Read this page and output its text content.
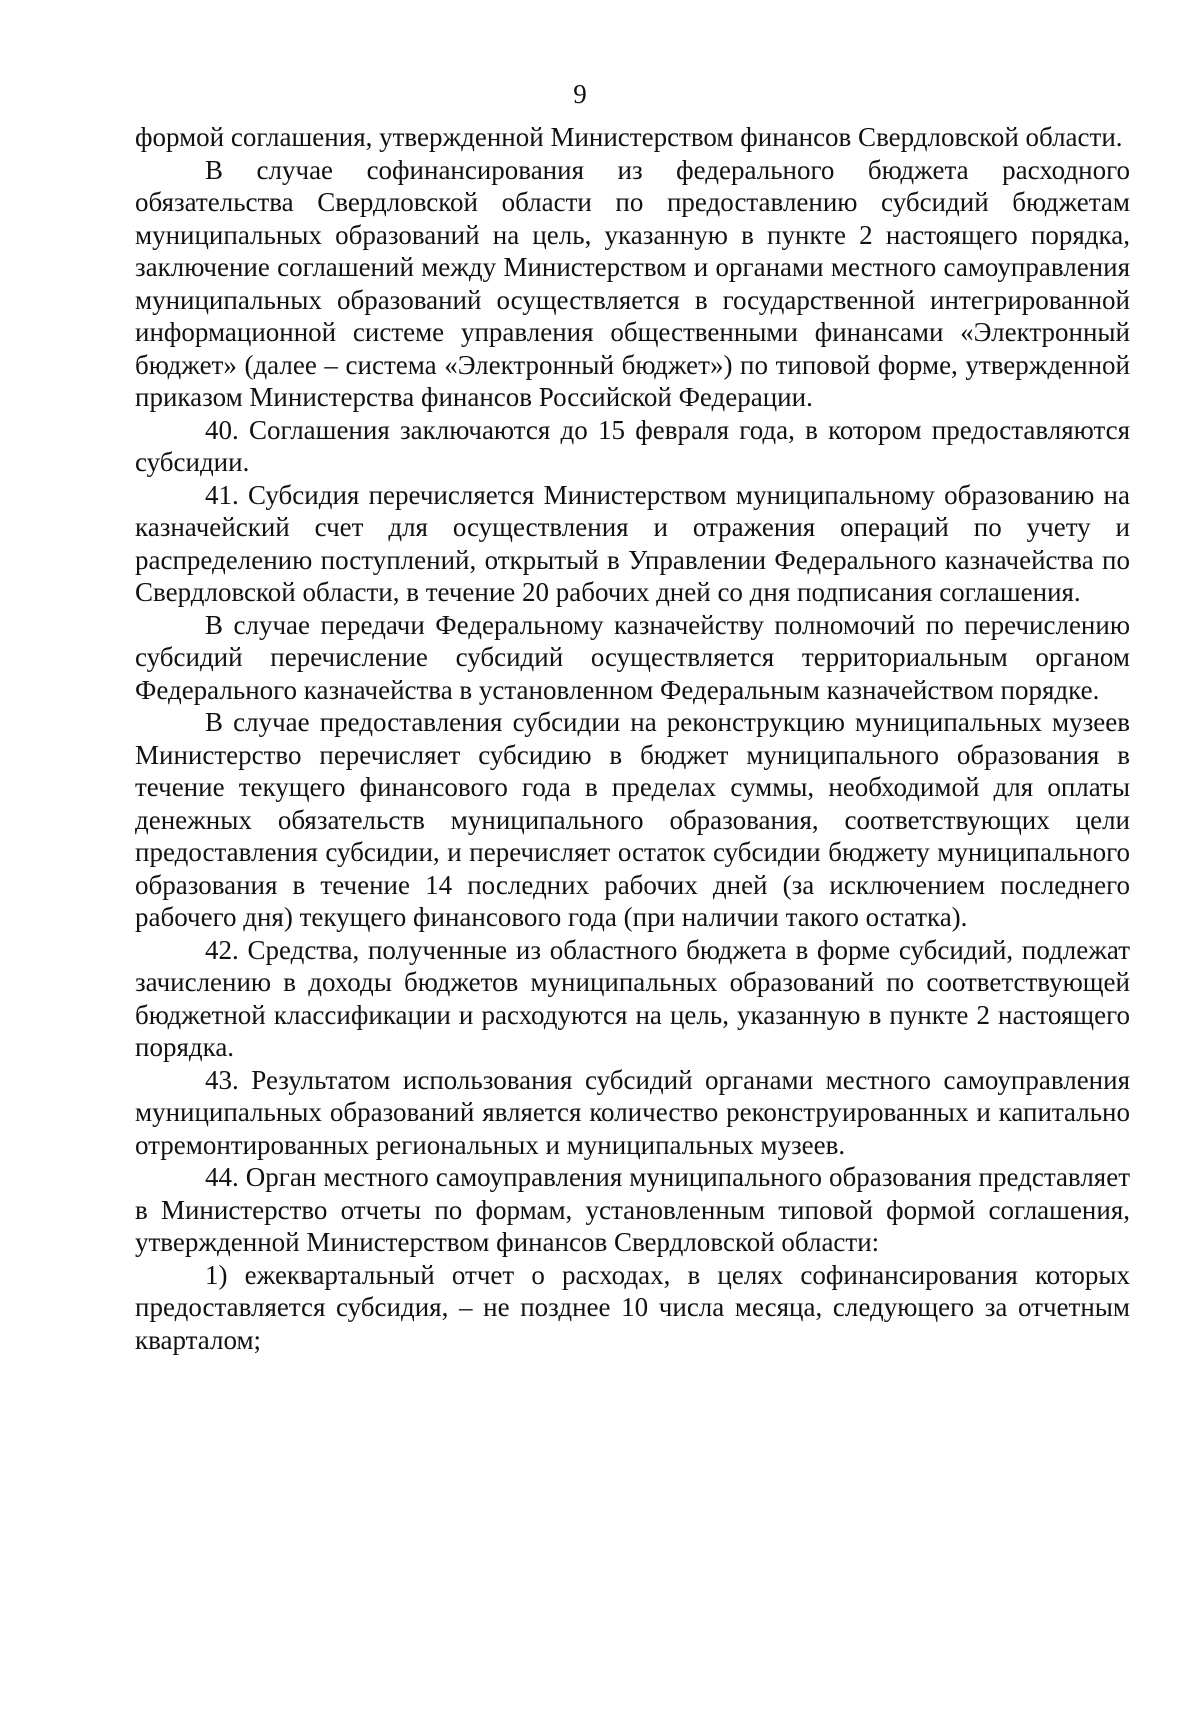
9

формой соглашения, утвержденной Министерством финансов Свердловской области.

В случае софинансирования из федерального бюджета расходного обязательства Свердловской области по предоставлению субсидий бюджетам муниципальных образований на цель, указанную в пункте 2 настоящего порядка, заключение соглашений между Министерством и органами местного самоуправления муниципальных образований осуществляется в государственной интегрированной информационной системе управления общественными финансами «Электронный бюджет» (далее – система «Электронный бюджет») по типовой форме, утвержденной приказом Министерства финансов Российской Федерации.

40. Соглашения заключаются до 15 февраля года, в котором предоставляются субсидии.

41. Субсидия перечисляется Министерством муниципальному образованию на казначейский счет для осуществления и отражения операций по учету и распределению поступлений, открытый в Управлении Федерального казначейства по Свердловской области, в течение 20 рабочих дней со дня подписания соглашения.

В случае передачи Федеральному казначейству полномочий по перечислению субсидий перечисление субсидий осуществляется территориальным органом Федерального казначейства в установленном Федеральным казначейством порядке.

В случае предоставления субсидии на реконструкцию муниципальных музеев Министерство перечисляет субсидию в бюджет муниципального образования в течение текущего финансового года в пределах суммы, необходимой для оплаты денежных обязательств муниципального образования, соответствующих цели предоставления субсидии, и перечисляет остаток субсидии бюджету муниципального образования в течение 14 последних рабочих дней (за исключением последнего рабочего дня) текущего финансового года (при наличии такого остатка).

42. Средства, полученные из областного бюджета в форме субсидий, подлежат зачислению в доходы бюджетов муниципальных образований по соответствующей бюджетной классификации и расходуются на цель, указанную в пункте 2 настоящего порядка.

43. Результатом использования субсидий органами местного самоуправления муниципальных образований является количество реконструированных и капитально отремонтированных региональных и муниципальных музеев.

44. Орган местного самоуправления муниципального образования представляет в Министерство отчеты по формам, установленным типовой формой соглашения, утвержденной Министерством финансов Свердловской области:

1) ежеквартальный отчет о расходах, в целях софинансирования которых предоставляется субсидия, – не позднее 10 числа месяца, следующего за отчетным кварталом;
